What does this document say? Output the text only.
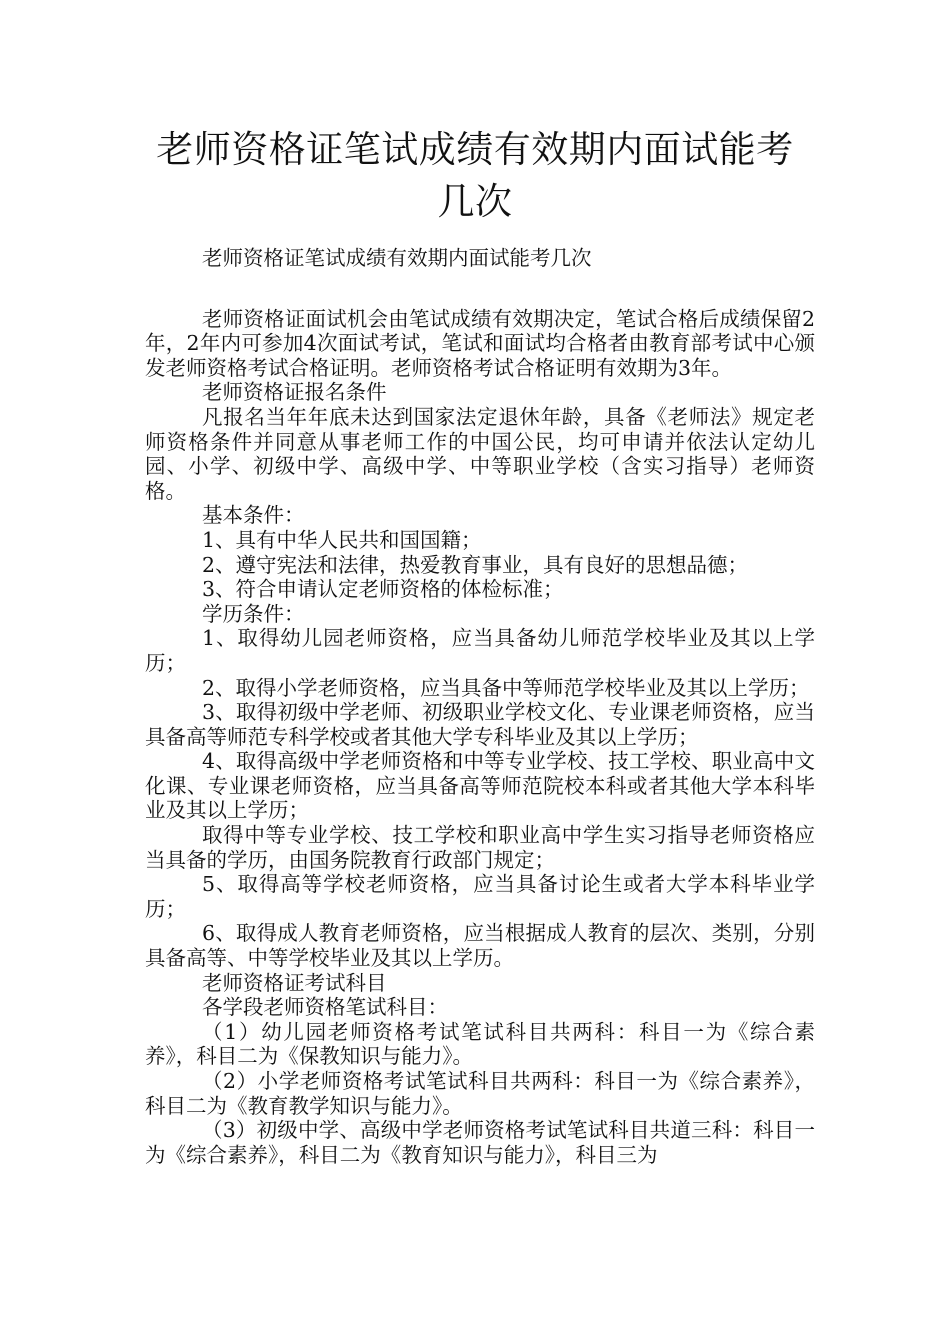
老师资格证笔试成绩有效期内面试能考几次

老师资格证笔试成绩有效期内面试能考几次

老师资格证面试机会由笔试成绩有效期决定，笔试合格后成绩保留2年，2年内可参加4次面试考试，笔试和面试均合格者由教育部考试中心颁发老师资格考试合格证明。老师资格考试合格证明有效期为3年。

老师资格证报名条件

凡报名当年年底未达到国家法定退休年龄，具备《老师法》规定老师资格条件并同意从事老师工作的中国公民，均可申请并依法认定幼儿园、小学、初级中学、高级中学、中等职业学校（含实习指导）老师资格。

基本条件：

1、具有中华人民共和国国籍；

2、遵守宪法和法律，热爱教育事业，具有良好的思想品德；

3、符合申请认定老师资格的体检标准；

学历条件：

1、取得幼儿园老师资格，应当具备幼儿师范学校毕业及其以上学历；

2、取得小学老师资格，应当具备中等师范学校毕业及其以上学历；

3、取得初级中学老师、初级职业学校文化、专业课老师资格，应当具备高等师范专科学校或者其他大学专科毕业及其以上学历；

4、取得高级中学老师资格和中等专业学校、技工学校、职业高中文化课、专业课老师资格，应当具备高等师范院校本科或者其他大学本科毕业及其以上学历；

取得中等专业学校、技工学校和职业高中学生实习指导老师资格应当具备的学历，由国务院教育行政部门规定；

5、取得高等学校老师资格，应当具备讨论生或者大学本科毕业学历；

6、取得成人教育老师资格，应当根据成人教育的层次、类别，分别具备高等、中等学校毕业及其以上学历。

老师资格证考试科目

各学段老师资格笔试科目：

（1）幼儿园老师资格考试笔试科目共两科：科目一为《综合素养》，科目二为《保教知识与能力》。

（2）小学老师资格考试笔试科目共两科：科目一为《综合素养》，科目二为《教育教学知识与能力》。

（3）初级中学、高级中学老师资格考试笔试科目共道三科：科目一为《综合素养》，科目二为《教育知识与能力》，科目三为
